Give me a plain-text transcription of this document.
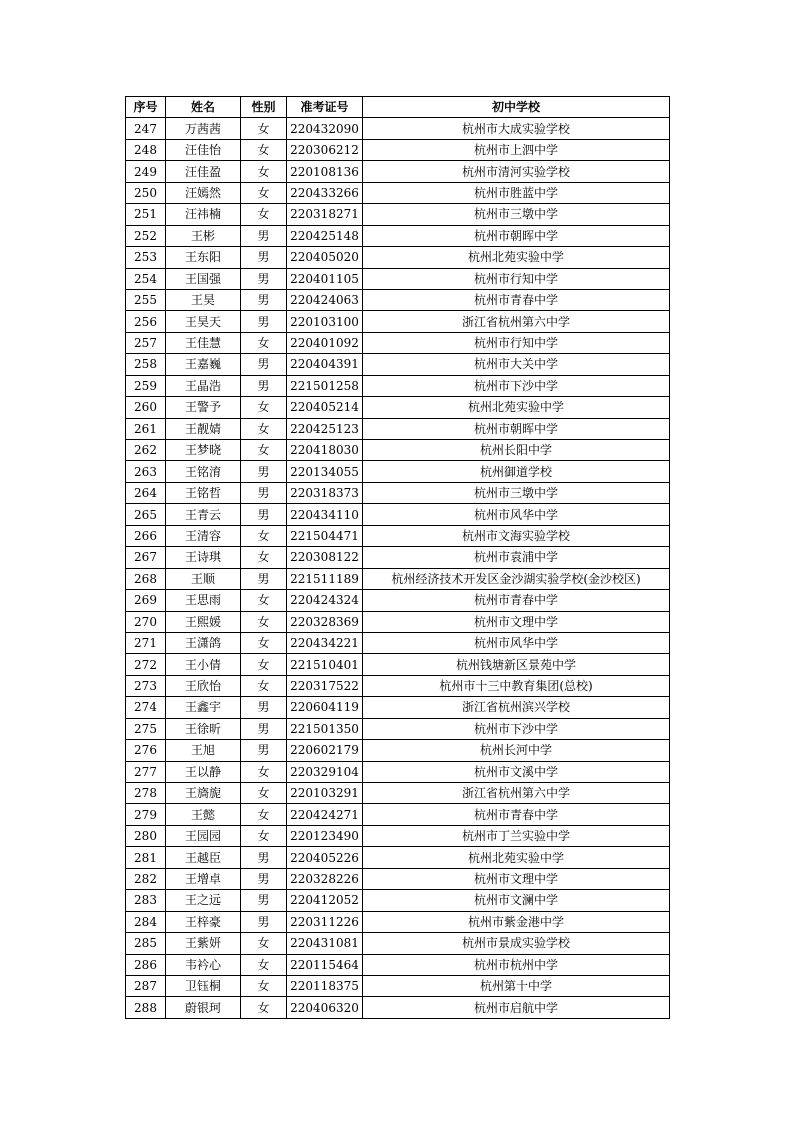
序号	姓名	性别	准考证号	初中学校
247	万茜茜	女	220432090	杭州市大成实验学校
248	汪佳怡	女	220306212	杭州市上泗中学
249	汪佳盈	女	220108136	杭州市清河实验学校
250	汪嫣然	女	220433266	杭州市胜蓝中学
251	汪祎楠	女	220318271	杭州市三墩中学
252	王彬	男	220425148	杭州市朝晖中学
253	王东阳	男	220405020	杭州北苑实验中学
254	王国强	男	220401105	杭州市行知中学
255	王昊	男	220424063	杭州市青春中学
256	王昊天	男	220103100	浙江省杭州第六中学
257	王佳慧	女	220401092	杭州市行知中学
258	王嘉巍	男	220404391	杭州市大关中学
259	王晶浩	男	221501258	杭州市下沙中学
260	王警予	女	220405214	杭州北苑实验中学
261	王靓婧	女	220425123	杭州市朝晖中学
262	王梦晓	女	220418030	杭州长阳中学
263	王铭淯	男	220134055	杭州御道学校
264	王铭哲	男	220318373	杭州市三墩中学
265	王青云	男	220434110	杭州市风华中学
266	王清容	女	221504471	杭州市文海实验学校
267	王诗琪	女	220308122	杭州市袁浦中学
268	王顺	男	221511189	杭州经济技术开发区金沙湖实验学校(金沙校区)
269	王思雨	女	220424324	杭州市青春中学
270	王熙媛	女	220328369	杭州市文理中学
271	王潇鸽	女	220434221	杭州市风华中学
272	王小倩	女	221510401	杭州钱塘新区景苑中学
273	王欣怡	女	220317522	杭州市十三中教育集团(总校)
274	王鑫宇	男	220604119	浙江省杭州滨兴学校
275	王徐昕	男	221501350	杭州市下沙中学
276	王旭	男	220602179	杭州长河中学
277	王以静	女	220329104	杭州市文溪中学
278	王旖旎	女	220103291	浙江省杭州第六中学
279	王懿	女	220424271	杭州市青春中学
280	王园园	女	220123490	杭州市丁兰实验中学
281	王越臣	男	220405226	杭州北苑实验中学
282	王增卓	男	220328226	杭州市文理中学
283	王之远	男	220412052	杭州市文澜中学
284	王梓豪	男	220311226	杭州市紫金港中学
285	王紫妍	女	220431081	杭州市景成实验学校
286	韦衿心	女	220115464	杭州市杭州中学
287	卫钰桐	女	220118375	杭州第十中学
288	蔚银珂	女	220406320	杭州市启航中学
